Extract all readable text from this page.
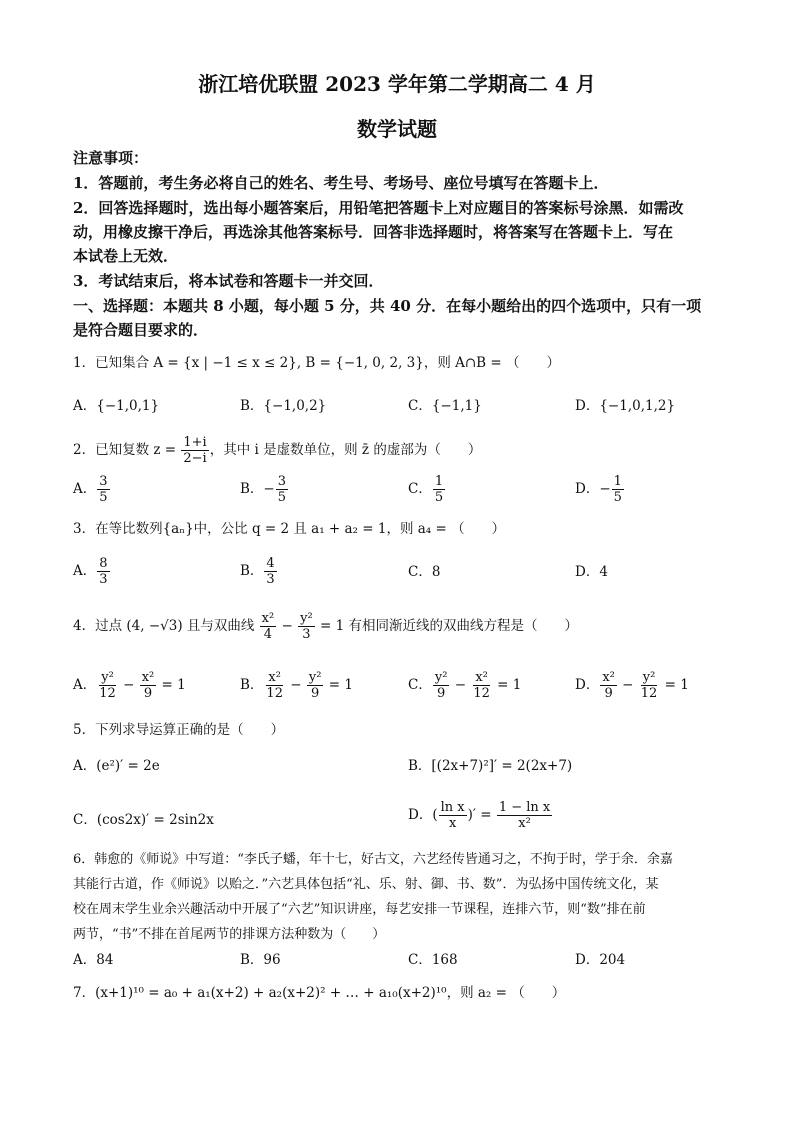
浙江培优联盟 2023 学年第二学期高二 4 月
数学试题
注意事项：
1．答题前，考生务必将自己的姓名、考生号、考场号、座位号填写在答题卡上．
2．回答选择题时，选出每小题答案后，用铅笔把答题卡上对应题目的答案标号涂黑．如需改
动，用橡皮擦干净后，再选涂其他答案标号．回答非选择题时，将答案写在答题卡上．写在
本试卷上无效．
3．考试结束后，将本试卷和答题卡一并交回．
一、选择题：本题共 8 小题，每小题 5 分，共 40 分．在每小题给出的四个选项中，只有一项
是符合题目要求的．
1．已知集合 A = {x | −1 ≤ x ≤ 2}, B = {−1, 0, 2, 3}，则 A∩B = （　　）
A．{−1,0,1}	B．{−1,0,2}	C．{−1,1}	D．{−1,0,1,2}
2．已知复数 $z = \frac{1+i}{2-i}$ ，其中 i 是虚数单位，则 z̄ 的虚部为（　　）
A． $\frac{3}{5}$	B．− $\frac{3}{5}$	C． $\frac{1}{5}$	D．− $\frac{1}{5}$
3．在等比数列{aₙ}中，公比 q = 2 且 a₁ + a₂ = 1，则 a₄ = （　　）
A． $\frac{8}{3}$	B． $\frac{4}{3}$	C．8	D．4
4．过点 (4, −√3) 且与双曲线 $\frac{\text{x²}}{4} - \frac{\text{y²}}{3} = 1$ 有相同渐近线的双曲线方程是（　　）
A． $\frac{\text{y²}}{12} - \frac{\text{x²}}{9} = 1$	B． $\frac{\text{x²}}{12} - \frac{\text{y²}}{9} = 1$	C． $\frac{\text{y²}}{9} - \frac{\text{x²}}{12} = 1$	D． $\frac{\text{x²}}{9} - \frac{\text{y²}}{12} = 1$
5．下列求导运算正确的是（　　）
A．(e²)′ = 2e	B．[(2x+7)²]′ = 2(2x+7)
C．(cos2x)′ = 2sin2x	D．( $\frac{\text{ln x}}{x}$ )′ = $\frac{\text{1 − ln x}}{\text{x²}}$
6．韩愈的《师说》中写道：“李氏子蟠，年十七，好古文，六艺经传皆通习之，不拘于时，学于余．余嘉
其能行古道，作《师说》以贻之．”六艺具体包括“礼、乐、射、御、书、数”．为弘扬中国传统文化，某
校在周末学生业余兴趣活动中开展了“六艺”知识讲座，每艺安排一节课程，连排六节，则“数”排在前
两节，“书”不排在首尾两节的排课方法种数为（　　）
A．84	B．96	C．168	D．204
7．(x+1)¹⁰ = a₀ + a₁(x+2) + a₂(x+2)² + … + a₁₀(x+2)¹⁰，则 a₂ = （　　）
